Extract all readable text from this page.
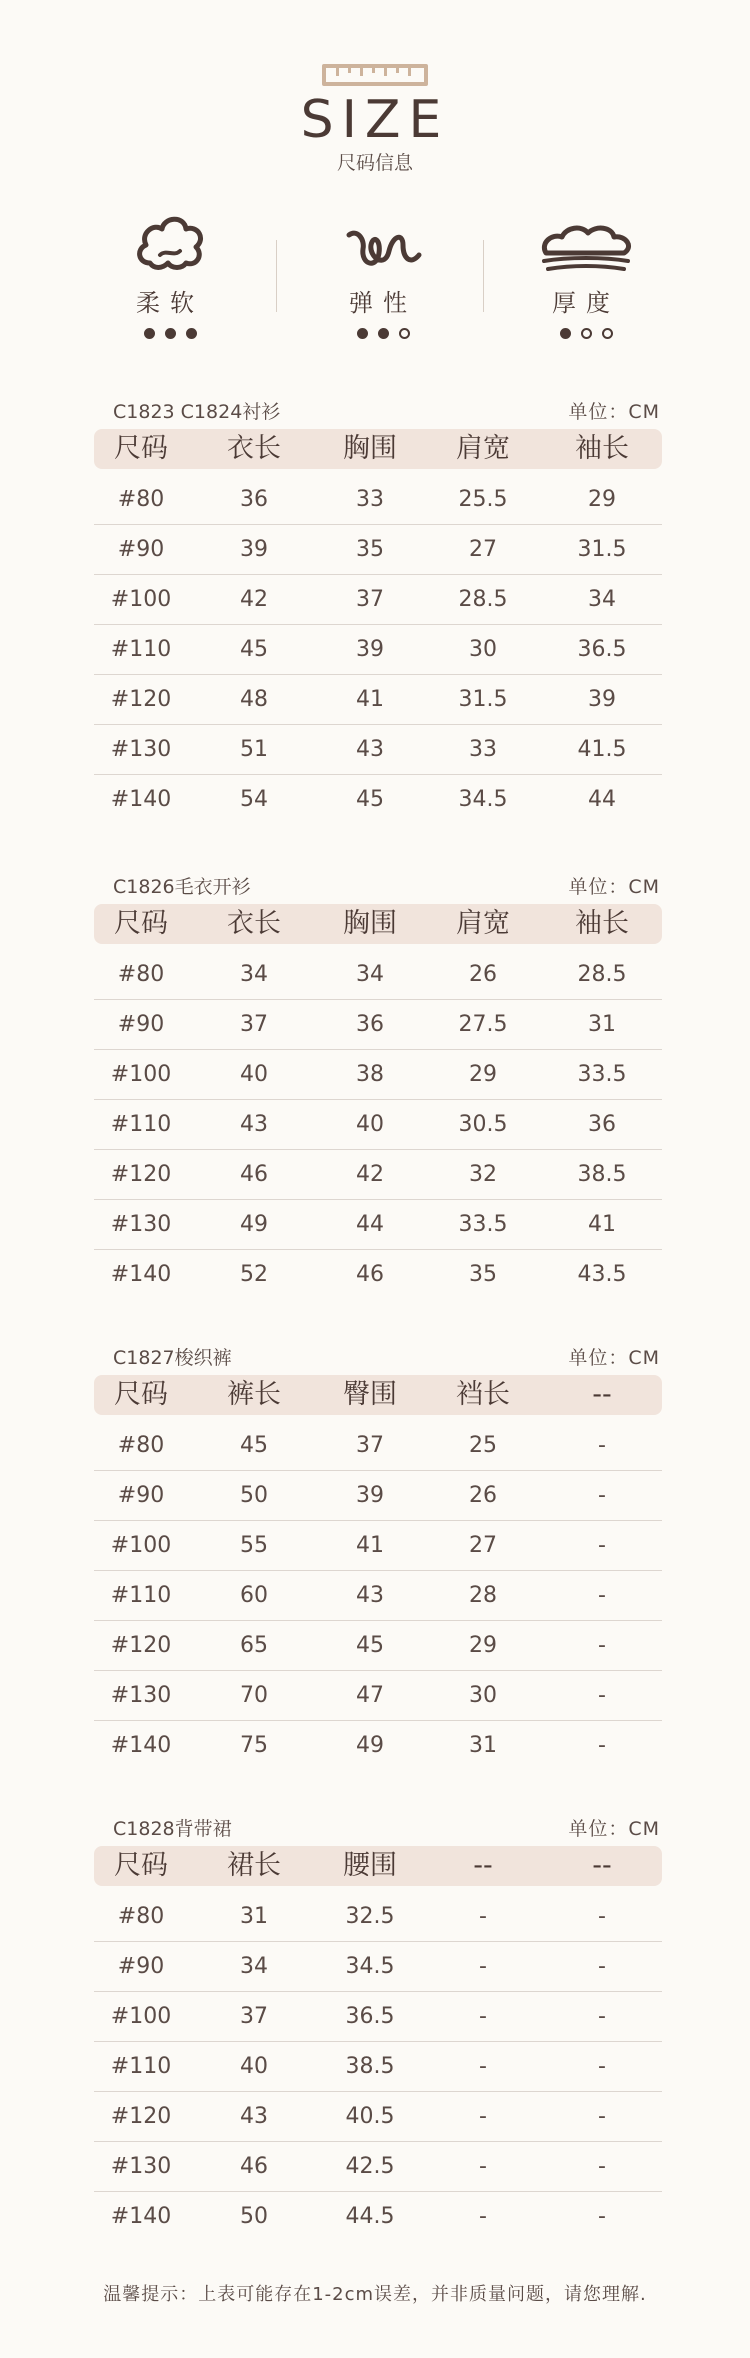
SIZE
尺码信息
柔软	弹性	厚度
C1823 C1824衬衫	单位：CM
尺码 衣长 胸围 肩宽 袖长
#80	36	33	25.5	29
#90	39	35	27	31.5
#100	42	37	28.5	34
#110	45	39	30	36.5
#120	48	41	31.5	39
#130	51	43	33	41.5
#140	54	45	34.5	44
C1826毛衣开衫	单位：CM
尺码 衣长 胸围 肩宽 袖长
#80	34	34	26	28.5
#90	37	36	27.5	31
#100	40	38	29	33.5
#110	43	40	30.5	36
#120	46	42	32	38.5
#130	49	44	33.5	41
#140	52	46	35	43.5
C1827梭织裤	单位：CM
尺码 裤长 臀围 裆长	--
#80	45	37	25	-
#90	50	39	26	-
#100	55	41	27	-
#110	60	43	28	-
#120	65	45	29	-
#130	70	47	30	-
#140	75	49	31	-
C1828背带裙	单位：CM
尺码 裙长 腰围	--	--
#80	31	32.5	-	-
#90	34	34.5	-	-
#100	37	36.5	-	-
#110	40	38.5	-	-
#120	43	40.5	-	-
#130	46	42.5	-	-
#140	50	44.5	-	-
温馨提示：上表可能存在1-2cm误差，并非质量问题，请您理解.
